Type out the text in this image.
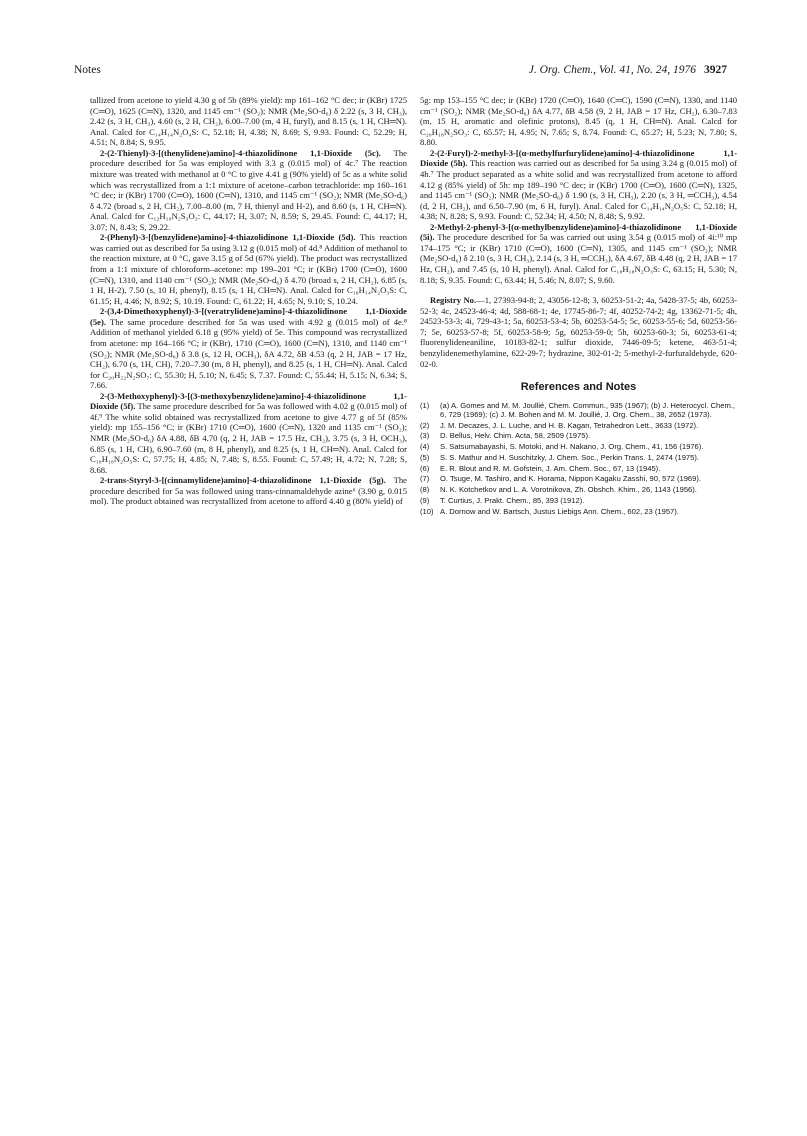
Notes	J. Org. Chem., Vol. 41, No. 24, 1976 3927

tallized from acetone to yield 4.30 g of 5b (89% yield): mp 161–162 °C dec; ir (KBr) 1725 (C═O), 1625 (C═N), 1320, and 1145 cm⁻¹ (SO₂); NMR (Me₂SO-d₆) δ 2.22 (s, 3 H, CH₃), 2.42 (s, 3 H, CH₃), 4.60 (s, 2 H, CH₂), 6.00–7.00 (m, 4 H, furyl), and 8.15 (s, 1 H, CH═N). Anal. Calcd for C₁₄H₁₄N₂O₄S: C, 52.18; H, 4.38; N, 8.69; S, 9.93. Found: C, 52.29; H, 4.51; N, 8.84; S, 9.95.

2-(2-Thienyl)-3-[(thenylidene)amino]-4-thiazolidinone 1,1-Dioxide (5c). The procedure described for 5a was employed with 3.3 g (0.015 mol) of 4c.⁷ The reaction mixture was treated with methanol at 0 °C to give 4.41 g (90% yield) of 5c as a white solid which was recrystallized from a 1:1 mixture of acetone–carbon tetrachloride: mp 160–161 °C dec; ir (KBr) 1700 (C═O), 1600 (C═N), 1310, and 1145 cm⁻¹ (SO₂); NMR (Me₂SO-d₆) δ 4.72 (broad s, 2 H, CH₂), 7.00–8.00 (m, 7 H, thienyl and H-2), and 8.60 (s, 1 H, CH═N). Anal. Calcd for C₁₂H₁₀N₂S₃O₃: C, 44.17; H, 3.07; N, 8.59; S, 29.45. Found: C, 44.17; H, 3.07; N, 8.43; S, 29.22.

2-(Phenyl)-3-[(benzylidene)amino]-4-thiazolidinone 1,1-Dioxide (5d). This reaction was carried out as described for 5a using 3.12 g (0.015 mol) of 4d.⁸ Addition of methanol to the reaction mixture, at 0 °C, gave 3.15 g of 5d (67% yield). The product was recrystallized from a 1:1 mixture of chloroform–acetone: mp 199–201 °C; ir (KBr) 1700 (C═O), 1600 (C═N), 1310, and 1140 cm⁻¹ (SO₂); NMR (Me₂SO-d₆) δ 4.70 (broad s, 2 H, CH₂), 6.85 (s, 1 H, H-2), 7.50 (s, 10 H, phenyl), 8.15 (s, 1 H, CH═N). Anal. Calcd for C₁₆H₁₄N₂O₃S: C, 61.15; H, 4.46; N, 8.92; S, 10.19. Found: C, 61.22; H, 4.65; N, 9.10; S, 10.24.

2-(3,4-Dimethoxyphenyl)-3-[(veratrylidene)amino]-4-thiazolidinone 1,1-Dioxide (5e). The same procedure described for 5a was used with 4.92 g (0.015 mol) of 4e.⁸ Addition of methanol yielded 6.18 g (95% yield) of 5e. This compound was recrystallized from acetone: mp 164–166 °C; ir (KBr), 1710 (C═O), 1600 (C═N), 1310, and 1140 cm⁻¹ (SO₂); NMR (Me₂SO-d₆) δ 3.8 (s, 12 H, OCH₃), δA 4.72, δB 4.53 (q, 2 H, JAB = 17 Hz, CH₂), 6.70 (s, 1H, CH), 7.20–7.30 (m, 8 H, phenyl), and 8.25 (s, 1 H, CH═N). Anal. Calcd for C₂₀H₂₂N₂SO₇: C, 55.30; H, 5.10; N, 6.45; S, 7.37. Found: C, 55.44; H, 5.15; N, 6.34; S, 7.66.

2-(3-Methoxyphenyl)-3-[(3-methoxybenzylidene)amino]-4-thiazolidinone 1,1-Dioxide (5f). The same procedure described for 5a was followed with 4.02 g (0.015 mol) of 4f.⁹ The white solid obtained was recrystallized from acetone to give 4.77 g of 5f (85% yield): mp 155–156 °C; ir (KBr) 1710 (C═O), 1600 (C═N), 1320 and 1135 cm⁻¹ (SO₂); NMR (Me₂SO-d₆) δA 4.88, δB 4.70 (q, 2 H, JAB = 17.5 Hz, CH₂), 3.75 (s, 3 H, OCH₃), 6.85 (s, 1 H, CH), 6.90–7.60 (m, 8 H, phenyl), and 8.25 (s, 1 H, CH═N). Anal. Calcd for C₁₈H₁₈N₂O₅S: C, 57.75; H, 4.85; N, 7.48; S, 8.55. Found: C, 57.49; H, 4.72; N, 7.28; S, 8.68.

2-trans-Styryl-3-[(cinnamylidene)amino]-4-thiazolidinone 1,1-Dioxide (5g). The procedure described for 5a was followed using trans-cinnamaldehyde azine⁶ (3.90 g, 0.015 mol). The product obtained was recrystallized from acetone to afford 4.40 g (80% yield) of

5g: mp 153–155 °C dec; ir (KBr) 1720 (C═O), 1640 (C═C), 1590 (C═N), 1330, and 1140 cm⁻¹ (SO₂); NMR (Me₂SO-d₆) δA 4.77, δB 4.58 (9, 2 H, JAB = 17 Hz, CH₂), 6.30–7.83 (m, 15 H, aromatic and olefinic protons), 8.45 (q, 1 H, CH═N). Anal. Calcd for C₂₀H₁₈N₂SO₃: C, 65.57; H, 4.95; N, 7.65; S, 8.74. Found: C, 65.27; H, 5.23; N, 7.80; S, 8.80.

2-(2-Furyl)-2-methyl-3-[(α-methylfurfurylidene)amino]-4-thiazolidinone 1,1-Dioxide (5h). This reaction was carried out as described for 5a using 3.24 g (0.015 mol) of 4h.⁷ The product separated as a white solid and was recrystallized from acetone to afford 4.12 g (85% yield) of 5h: mp 189–190 °C dec; ir (KBr) 1700 (C═O), 1600 (C═N), 1325, and 1145 cm⁻¹ (SO₂); NMR (Me₂SO-d₆) δ 1.90 (s, 3 H, CH₃), 2.20 (s, 3 H, ═CCH₃), 4.54 (d, 2 H, CH₂), and 6.50–7.90 (m, 6 H, furyl). Anal. Calcd for C₁₄H₁₄N₂O₅S: C, 52.18; H, 4.38; N, 8.28; S, 9.93. Found: C, 52.34; H, 4.50; N, 8.48; S, 9.92.

2-Methyl-2-phenyl-3-[(α-methylbenzylidene)amino]-4-thiazolidinone 1,1-Dioxide (5i). The procedure described for 5a was carried out using 3.54 g (0.015 mol) of 4i:¹⁰ mp 174–175 °C; ir (KBr) 1710 (C═O), 1600 (C═N), 1305, and 1145 cm⁻¹ (SO₂); NMR (Me₂SO-d₆) δ 2.10 (s, 3 H, CH₃), 2.14 (s, 3 H, ═CCH₃), δA 4.67, δB 4.48 (q, 2 H, JAB = 17 Hz, CH₂), and 7.45 (s, 10 H, phenyl). Anal. Calcd for C₁₈H₁₈N₂O₃S: C, 63.15; H, 5.30; N, 8.18; S, 9.35. Found: C, 63.44; H, 5.46; N, 8.07; S, 9.60.

Registry No.—1, 27393-94-8; 2, 43056-12-8; 3, 60253-51-2; 4a, 5428-37-5; 4b, 60253-52-3; 4c, 24523-46-4; 4d, 588-68-1; 4e, 17745-86-7; 4f, 40252-74-2; 4g, 13362-71-5; 4h, 24523-53-3; 4i, 729-43-1; 5a, 60253-53-4; 5b, 60253-54-5; 5c, 60253-55-6; 5d, 60253-56-7; 5e, 60253-57-8; 5f, 60253-58-9; 5g, 60253-59-0; 5h, 60253-60-3; 5i, 60253-61-4; fluorenylideneaniline, 10183-82-1; sulfur dioxide, 7446-09-5; ketene, 463-51-4; benzylidenemethylamine, 622-29-7; hydrazine, 302-01-2; 5-methyl-2-furfuraldehyde, 620-02-0.

References and Notes
(1)	(a) A. Gomes and M. M. Joullié, Chem. Commun., 935 (1967); (b) J. Heterocycl. Chem., 6, 729 (1969); (c) J. M. Bohen and M. M. Joullié, J. Org. Chem., 38, 2652 (1973).
(2)	J. M. Decazes, J. L. Luche, and H. B. Kagan, Tetrahedron Lett., 3633 (1972).
(3)	D. Bellus, Helv. Chim. Acta, 58, 2509 (1975).
(4)	S. Satsumabayashi, S. Motoki, and H. Nakano, J. Org. Chem., 41, 156 (1976).
(5)	S. S. Mathur and H. Suschitzky, J. Chem. Soc., Perkin Trans. 1, 2474 (1975).
(6)	E. R. Blout and R. M. Gofstein, J. Am. Chem. Soc., 67, 13 (1945).
(7)	O. Tsuge, M. Tashiro, and K. Horama, Nippon Kagaku Zasshi, 90, 572 (1969).
(8)	N. K. Kotchetkov and L. A. Vorotnikova, Zh. Obshch. Khim., 26, 1143 (1956).
(9)	T. Curtius, J. Prakt. Chem., 85, 393 (1912).
(10) A. Dornow and W. Bartsch, Justus Liebigs Ann. Chem., 602, 23 (1957).
